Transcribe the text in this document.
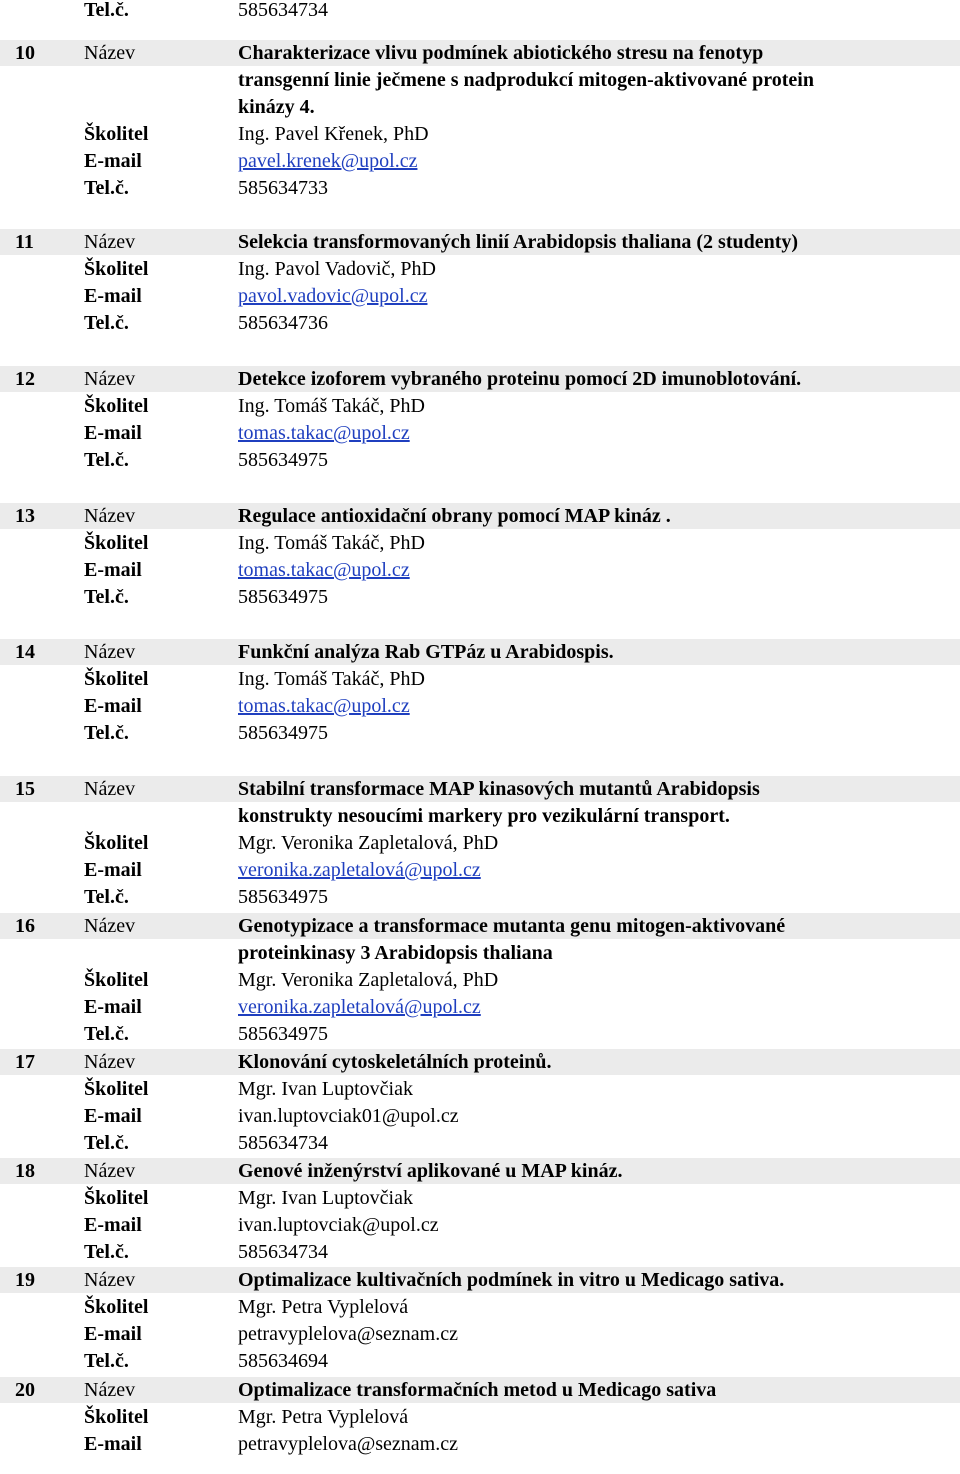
Tel.č.	585634734
10 Název	Charakterizace vlivu podmínek abiotického stresu na fenotyp
transgenní linie ječmene s nadprodukcí mitogen-aktivované protein
kinázy 4.
Školitel	Ing. Pavel Křenek, PhD
E-mail	pavel.krenek@upol.cz
Tel.č.	585634733
11	Název	Selekcia transformovaných linií Arabidopsis thaliana (2 studenty)
Školitel	Ing. Pavol Vadovič, PhD
E-mail	pavol.vadovic@upol.cz
Tel.č.	585634736
12 Název	Detekce izoforem vybraného proteinu pomocí 2D imunoblotování.
Školitel	Ing. Tomáš Takáč, PhD
E-mail	tomas.takac@upol.cz
Tel.č.	585634975
13 Název	Regulace antioxidační obrany pomocí MAP kináz .
Školitel	Ing. Tomáš Takáč, PhD
E-mail	tomas.takac@upol.cz
Tel.č.	585634975
14 Název	Funkční analýza Rab GTPáz u Arabidospis.
Školitel	Ing. Tomáš Takáč, PhD
E-mail	tomas.takac@upol.cz
Tel.č.	585634975
15 Název	Stabilní transformace MAP kinasových mutantů Arabidopsis
konstrukty nesoucími markery pro vezikulární transport.
Školitel	Mgr. Veronika Zapletalová, PhD
E-mail	veronika.zapletalová@upol.cz
Tel.č.	585634975
16 Název	Genotypizace a transformace mutanta genu mitogen-aktivované
proteinkinasy 3 Arabidopsis thaliana
Školitel	Mgr. Veronika Zapletalová, PhD
E-mail	veronika.zapletalová@upol.cz
Tel.č.	585634975
17 Název	Klonování cytoskeletálních proteinů.
Školitel	Mgr. Ivan Luptovčiak
E-mail	ivan.luptovciak01@upol.cz
Tel.č.	585634734
18 Název	Genové inženýrství aplikované u MAP kináz.
Školitel	Mgr. Ivan Luptovčiak
E-mail	ivan.luptovciak@upol.cz
Tel.č.	585634734
19 Název	Optimalizace kultivačních podmínek in vitro u Medicago sativa.
Školitel	Mgr. Petra Vyplelová
E-mail	petravyplelova@seznam.cz
Tel.č.	585634694
20 Název	Optimalizace transformačních metod u Medicago sativa
Školitel	Mgr. Petra Vyplelová
E-mail	petravyplelova@seznam.cz
